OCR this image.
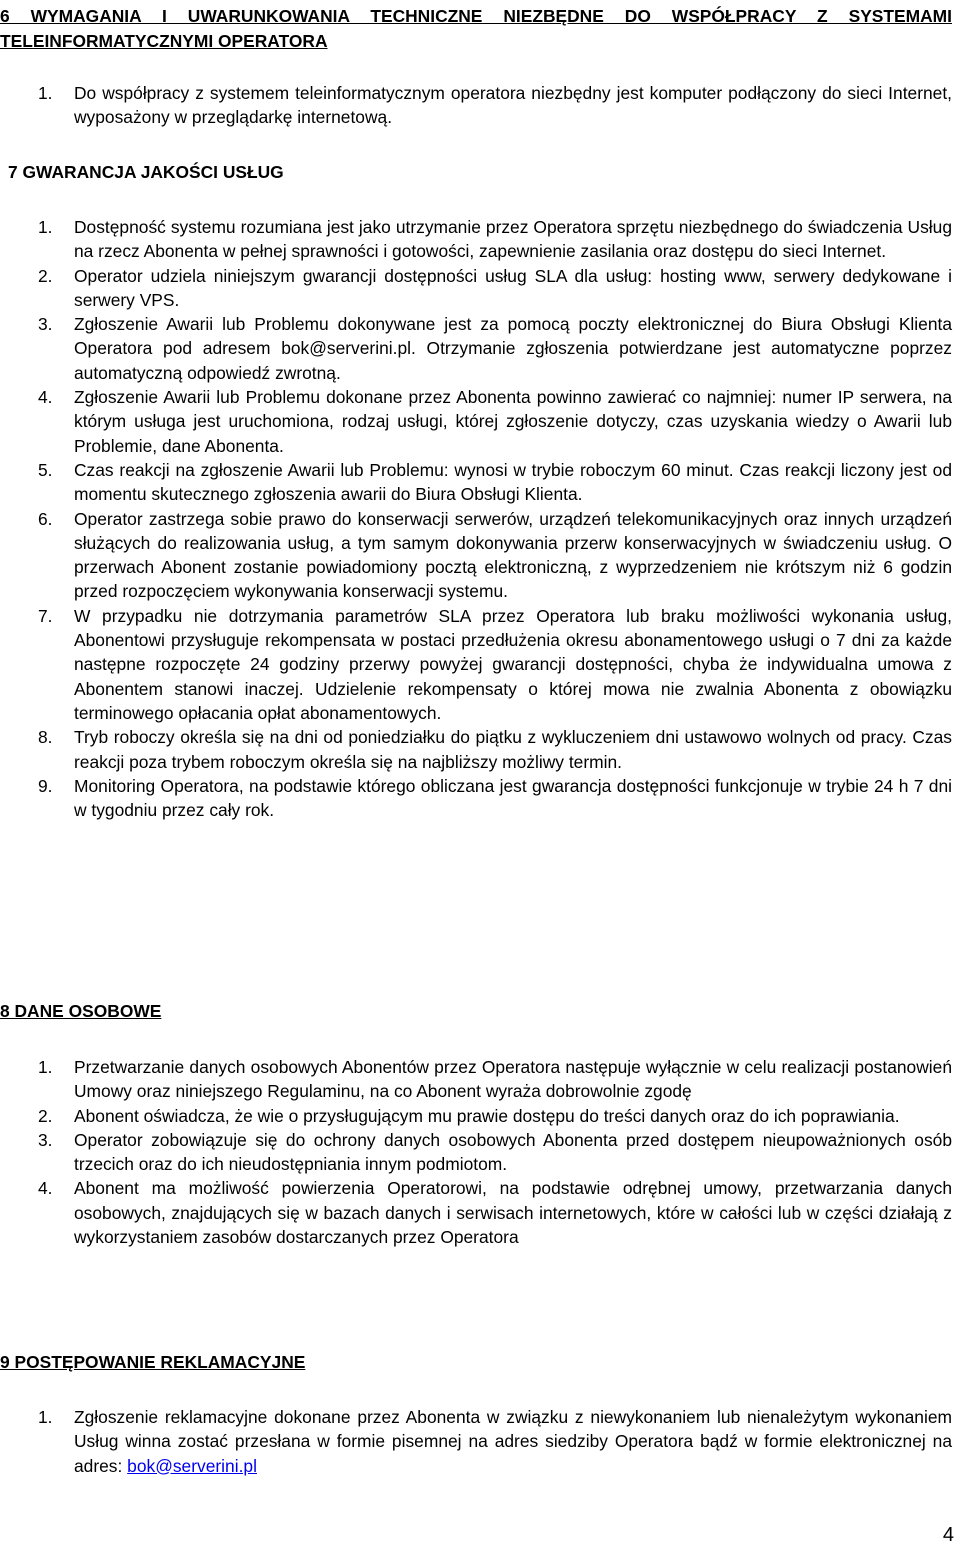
6 WYMAGANIA I UWARUNKOWANIA TECHNICZNE NIEZBĘDNE DO WSPÓŁPRACY Z SYSTEMAMI TELEINFORMATYCZNYMI OPERATORA
1. Do współpracy z systemem teleinformatycznym operatora niezbędny jest komputer podłączony do sieci Internet, wyposażony w przeglądarkę internetową.
7 GWARANCJA JAKOŚCI USŁUG
1. Dostępność systemu rozumiana jest jako utrzymanie przez Operatora sprzętu niezbędnego do świadczenia Usług na rzecz Abonenta w pełnej sprawności i gotowości, zapewnienie zasilania oraz dostępu do sieci Internet.
2. Operator udziela niniejszym gwarancji dostępności usług SLA dla usług: hosting www, serwery dedykowane i serwery VPS.
3. Zgłoszenie Awarii lub Problemu dokonywane jest za pomocą poczty elektronicznej do Biura Obsługi Klienta Operatora pod adresem bok@serverini.pl. Otrzymanie zgłoszenia potwierdzane jest automatyczne poprzez automatyczną odpowiedź zwrotną.
4. Zgłoszenie Awarii lub Problemu dokonane przez Abonenta powinno zawierać co najmniej: numer IP serwera, na którym usługa jest uruchomiona, rodzaj usługi, której zgłoszenie dotyczy, czas uzyskania wiedzy o Awarii lub Problemie, dane Abonenta.
5. Czas reakcji na zgłoszenie Awarii lub Problemu: wynosi w trybie roboczym 60 minut. Czas reakcji liczony jest od momentu skutecznego zgłoszenia awarii do Biura Obsługi Klienta.
6. Operator zastrzega sobie prawo do konserwacji serwerów, urządzeń telekomunikacyjnych oraz innych urządzeń służących do realizowania usług, a tym samym dokonywania przerw konserwacyjnych w świadczeniu usług. O przerwach Abonent zostanie powiadomiony pocztą elektroniczną, z wyprzedzeniem nie krótszym niż 6 godzin przed rozpoczęciem wykonywania konserwacji systemu.
7. W przypadku nie dotrzymania parametrów SLA przez Operatora lub braku możliwości wykonania usług, Abonentowi przysługuje rekompensata w postaci przedłużenia okresu abonamentowego usługi o 7 dni za każde następne rozpoczęte 24 godziny przerwy powyżej gwarancji dostępności, chyba że indywidualna umowa z Abonentem stanowi inaczej. Udzielenie rekompensaty o której mowa nie zwalnia Abonenta z obowiązku terminowego opłacania opłat abonamentowych.
8. Tryb roboczy określa się na dni od poniedziałku do piątku z wykluczeniem dni ustawowo wolnych od pracy. Czas reakcji poza trybem roboczym określa się na najbliższy możliwy termin.
9. Monitoring Operatora, na podstawie którego obliczana jest gwarancja dostępności funkcjonuje w trybie 24 h 7 dni w tygodniu przez cały rok.
8 DANE OSOBOWE
1. Przetwarzanie danych osobowych Abonentów przez Operatora następuje wyłącznie w celu realizacji postanowień Umowy oraz niniejszego Regulaminu, na co Abonent wyraża dobrowolnie zgodę
2. Abonent oświadcza, że wie o przysługującym mu prawie dostępu do treści danych oraz do ich poprawiania.
3. Operator zobowiązuje się do ochrony danych osobowych Abonenta przed dostępem nieupoważnionych osób trzecich oraz do ich nieudostępniania innym podmiotom.
4. Abonent ma możliwość powierzenia Operatorowi, na podstawie odrębnej umowy, przetwarzania danych osobowych, znajdujących się w bazach danych i serwisach internetowych, które w całości lub w części działają z wykorzystaniem zasobów dostarczanych przez Operatora
9 POSTĘPOWANIE REKLAMACYJNE
1. Zgłoszenie reklamacyjne dokonane przez Abonenta w związku z niewykonaniem lub nienależytym wykonaniem Usług winna zostać przesłana w formie pisemnej na adres siedziby Operatora bądź w formie elektronicznej na adres: bok@serverini.pl
4
